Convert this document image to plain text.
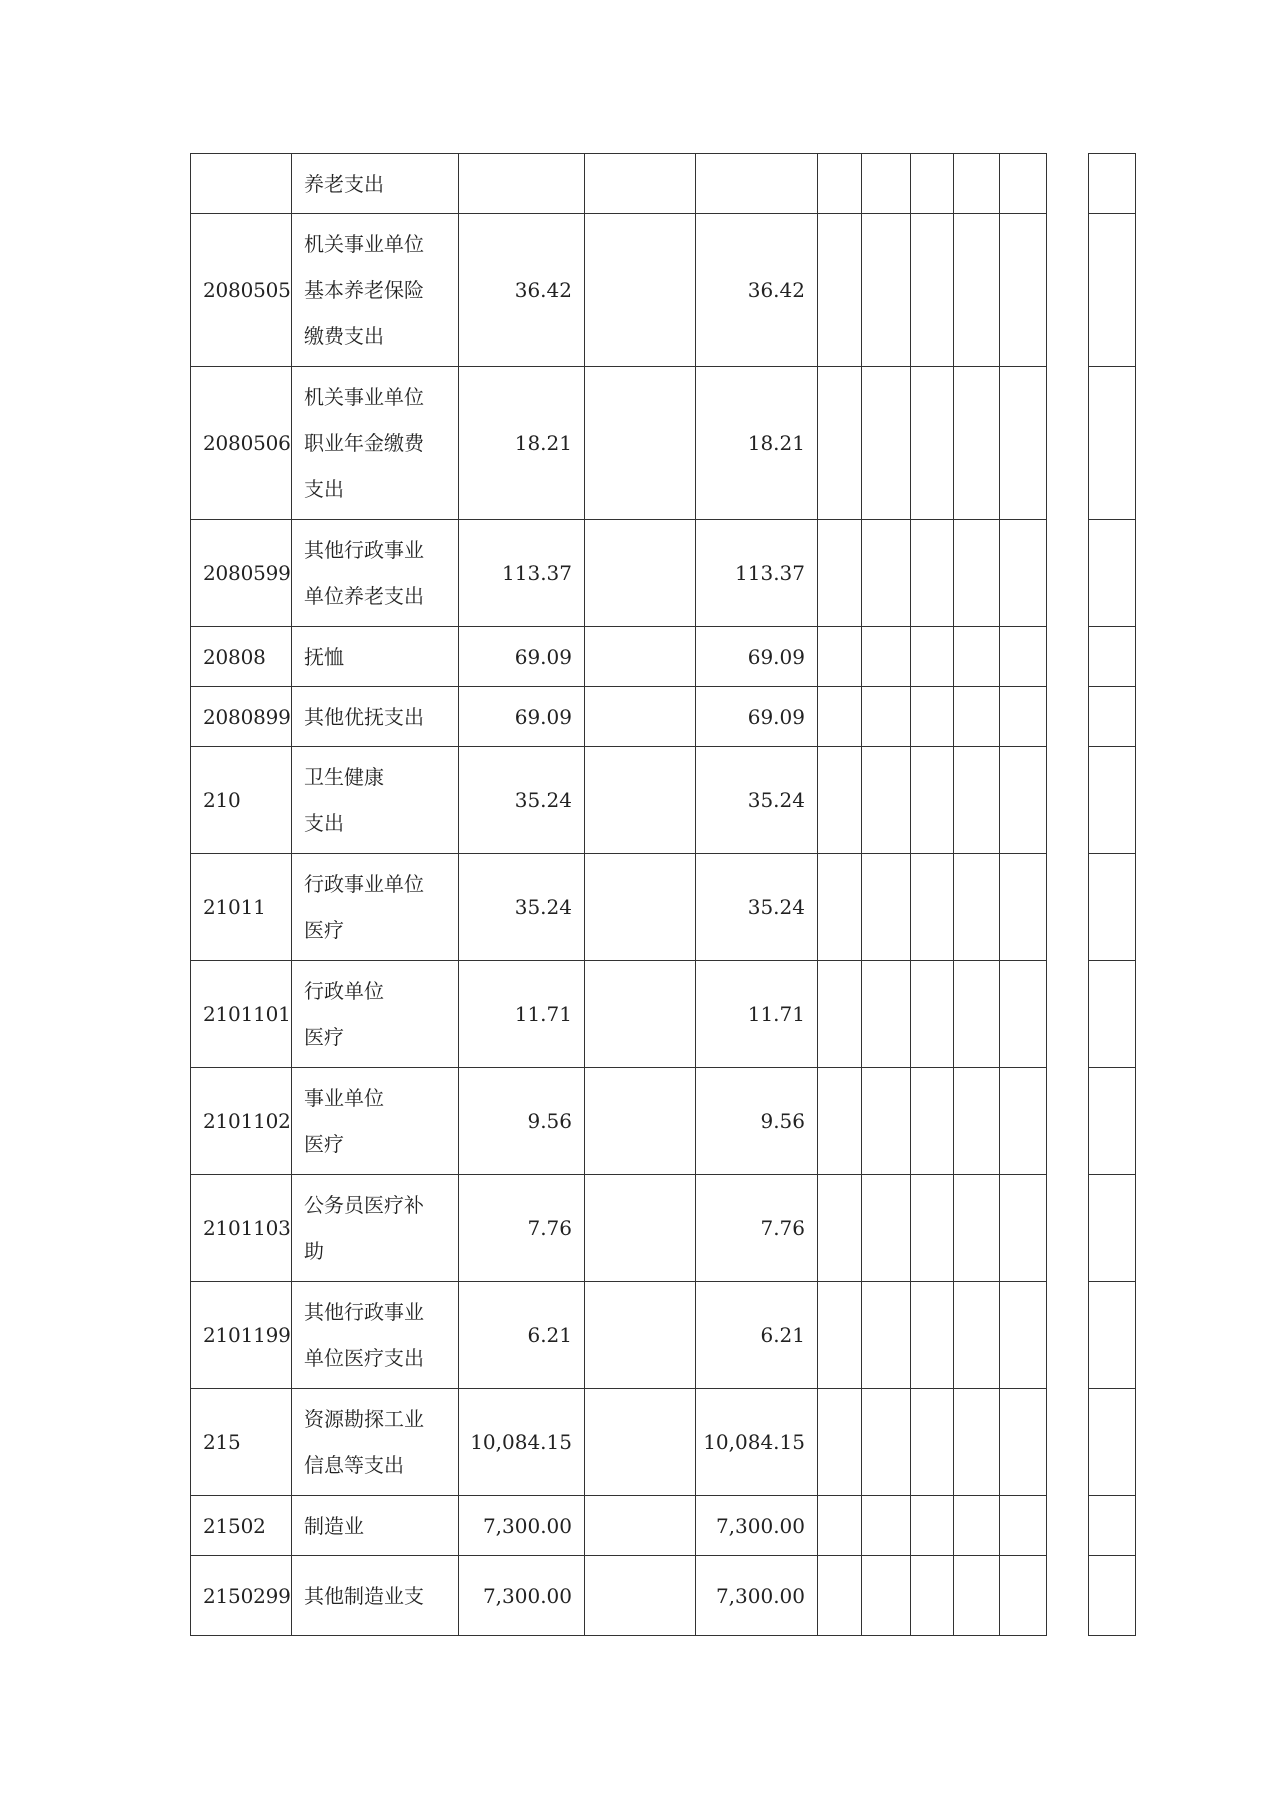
	养老支出										

2080505	机关事业单位
基本养老保险
缴费支出	36.42		36.42							
2080506	机关事业单位
职业年金缴费
支出	18.21		18.21							
2080599	其他行政事业
单位养老支出	113.37		113.37							
20808	抚恤	69.09		69.09							
2080899	其他优抚支出	69.09		69.09							
210	卫生健康
支出	35.24		35.24							
21011	行政事业单位
医疗	35.24		35.24							
2101101	行政单位
医疗	11.71		11.71							
2101102	事业单位
医疗	9.56		9.56							
2101103	公务员医疗补
助	7.76		7.76							
2101199	其他行政事业
单位医疗支出	6.21		6.21							
215	资源勘探工业
信息等支出	10,084.15		10,084.15							
21502	制造业	7,300.00		7,300.00							
2150299	其他制造业支	7,300.00		7,300.00							
